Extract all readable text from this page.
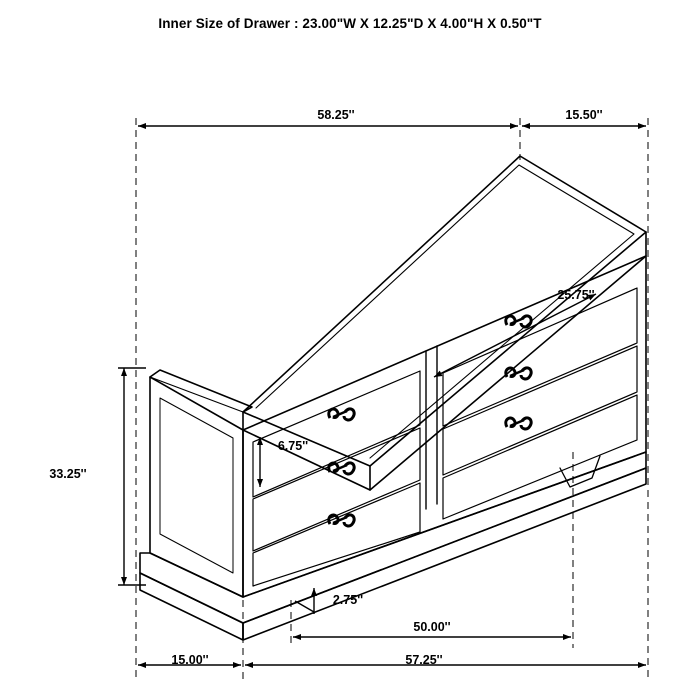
Inner Size of Drawer : 23.00"W X 12.25"D X 4.00"H X 0.50"T
58.25''	15.50''
25.75''
6.75''
33.25''
2.75''
50.00''
15.00''	57.25''
